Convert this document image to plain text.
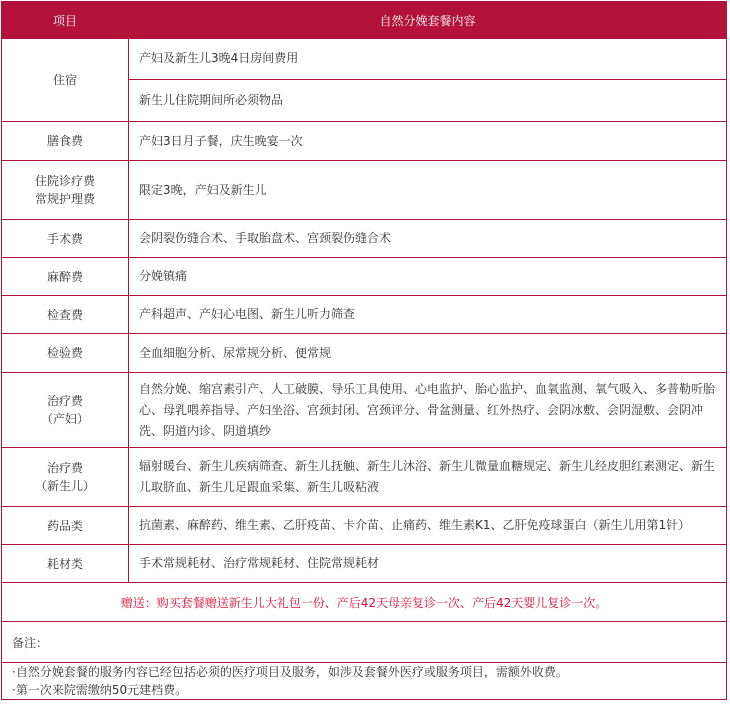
项目	自然分娩套餐内容

住宿	产妇及新生儿3晚4日房间费用
	新生儿住院期间所必须物品

膳食费	产妇3日月子餐，庆生晚宴一次

住院诊疗费
常规护理费	限定3晚，产妇及新生儿

手术费	会阴裂伤缝合术、手取胎盘术、宫颈裂伤缝合术

麻醉费	分娩镇痛

检查费	产科超声、产妇心电图、新生儿听力筛查

检验费	全血细胞分析、尿常规分析、便常规

治疗费
（产妇）	自然分娩、缩宫素引产、人工破膜、导乐工具使用、心电监护、胎心监护、血氧监测、氧气吸入、多普勒听胎心、母乳喂养指导、产妇坐浴、宫颈封闭、宫颈评分、骨盆测量、红外热疗、会阴冰敷、会阴湿敷、会阴冲洗、阴道内诊、阴道填纱

治疗费
（新生儿）	辐射暖台、新生儿疾病筛查、新生儿抚触、新生儿沐浴、新生儿微量血糖规定、新生儿经皮胆红素测定、新生儿取脐血、新生儿足跟血采集、新生儿吸粘液

药品类	抗菌素、麻醉药、维生素、乙肝疫苗、卡介苗、止痛药、维生素K1、乙肝免疫球蛋白（新生儿用第1针）

耗材类	手术常规耗材、治疗常规耗材、住院常规耗材
赠送：购买套餐赠送新生儿大礼包一份、产后42天母亲复诊一次、产后42天婴儿复诊一次。	
备注：	

·自然分娩套餐的服务内容已经包括必须的医疗项目及服务，如涉及套餐外医疗或服务项目，需额外收费。
·第一次来院需缴纳50元建档费。	
